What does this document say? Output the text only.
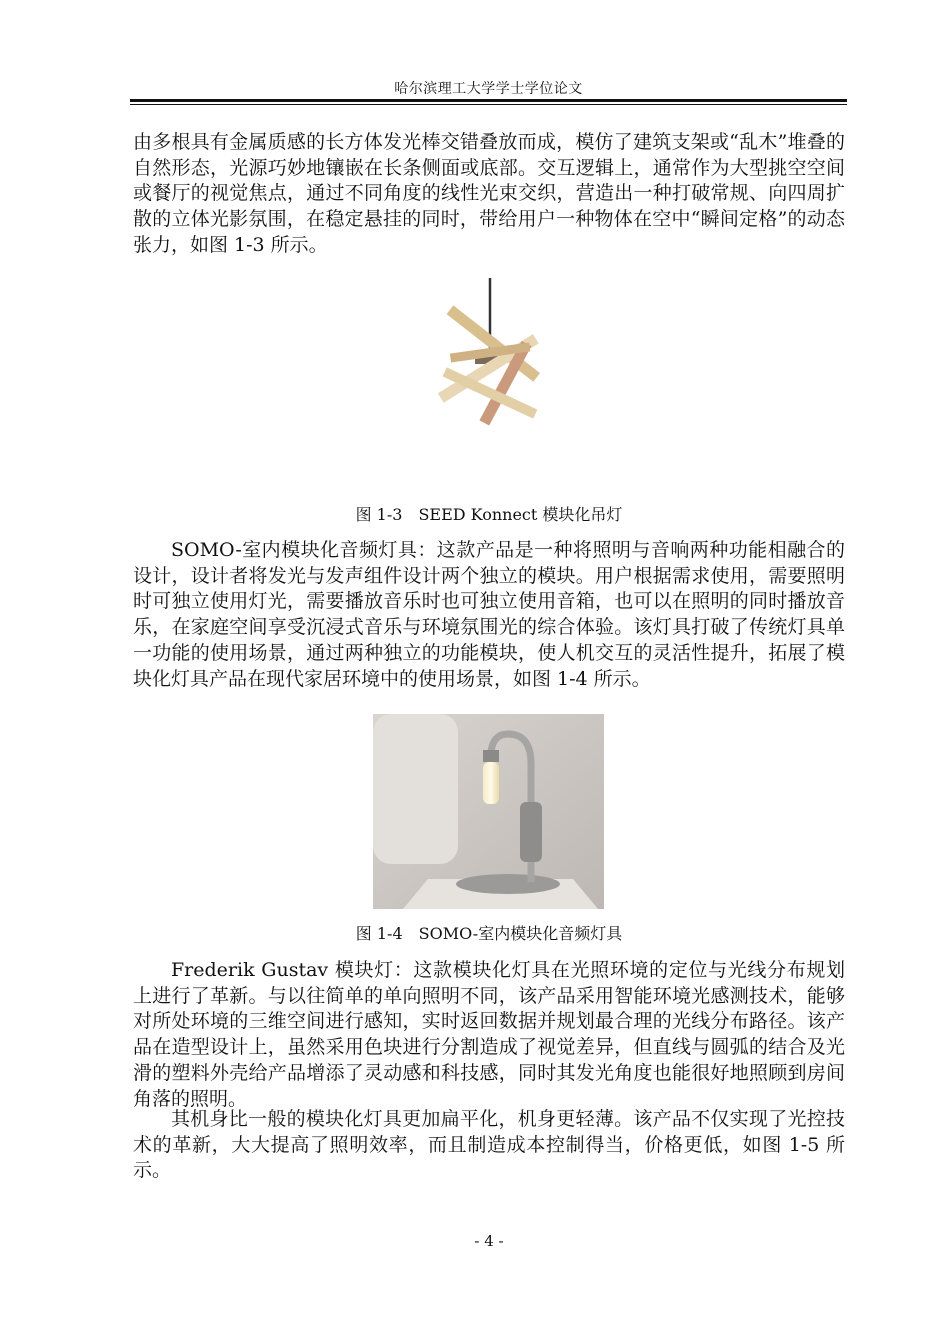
哈尔滨理工大学学士学位论文

由多根具有金属质感的长方体发光棒交错叠放而成，模仿了建筑支架或“乱木”堆叠的自然形态，光源巧妙地镶嵌在长条侧面或底部。交互逻辑上，通常作为大型挑空空间或餐厅的视觉焦点，通过不同角度的线性光束交织，营造出一种打破常规、向四周扩散的立体光影氛围，在稳定悬挂的同时，带给用户一种物体在空中“瞬间定格”的动态张力，如图 1-3 所示。

图 1-3　SEED Konnect 模块化吊灯

SOMO-室内模块化音频灯具：这款产品是一种将照明与音响两种功能相融合的设计，设计者将发光与发声组件设计两个独立的模块。用户根据需求使用，需要照明时可独立使用灯光，需要播放音乐时也可独立使用音箱，也可以在照明的同时播放音乐，在家庭空间享受沉浸式音乐与环境氛围光的综合体验。该灯具打破了传统灯具单一功能的使用场景，通过两种独立的功能模块，使人机交互的灵活性提升，拓展了模块化灯具产品在现代家居环境中的使用场景，如图 1-4 所示。

图 1-4　SOMO-室内模块化音频灯具

Frederik Gustav 模块灯：这款模块化灯具在光照环境的定位与光线分布规划上进行了革新。与以往简单的单向照明不同，该产品采用智能环境光感测技术，能够对所处环境的三维空间进行感知，实时返回数据并规划最合理的光线分布路径。该产品在造型设计上，虽然采用色块进行分割造成了视觉差异，但直线与圆弧的结合及光滑的塑料外壳给产品增添了灵动感和科技感，同时其发光角度也能很好地照顾到房间角落的照明。

其机身比一般的模块化灯具更加扁平化，机身更轻薄。该产品不仅实现了光控技术的革新，大大提高了照明效率，而且制造成本控制得当，价格更低，如图 1-5 所示。

- 4 -
